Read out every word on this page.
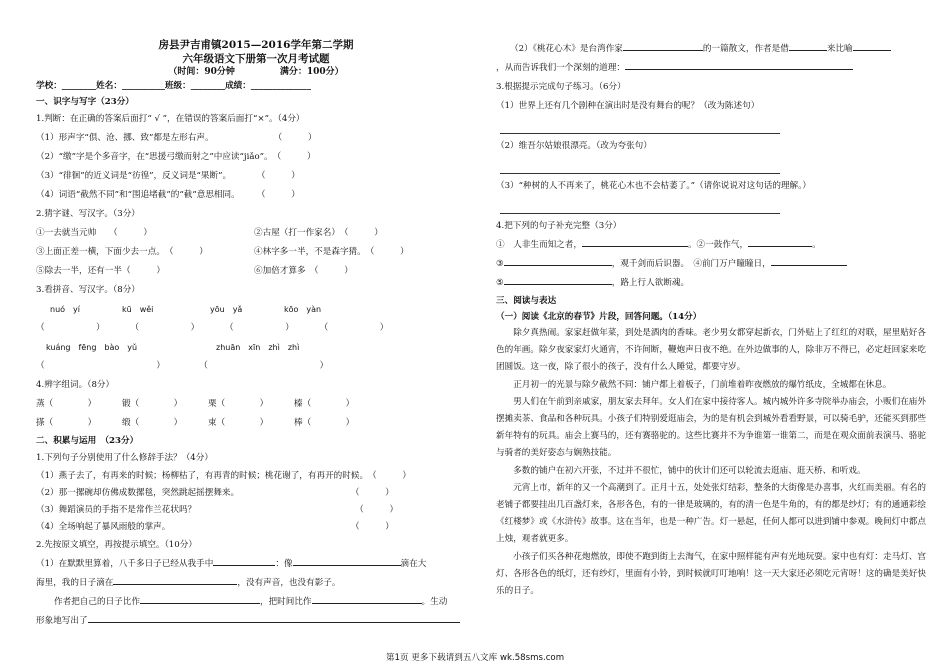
房县尹吉甫镇2015—2016学年第二学期
六年级语文下册第一次月考试题
（时间：90分钟　　　　　满分：100分）
学校：________姓名：__________班级：________成绩：______________
一、识字与写字（23分）
1.判断：在正确的答案后面打“ √ ”，在错误的答案后面打“×”。（4分）
（1）形声字“倶、沧、挪、致”都是左形右声。　　　　　　　　（　　　）
（2）“缴”字是个多音字，在“思援弓缴而射之”中应读“jiǎo”。　（　　　）
（3）“徘徊”的近义词是“彷徨”，反义词是“果断”。　　　　（　　　）
（4）词语“截然不同”和“围追堵截”的“截”意思相同。　　　（　　　）
2.猜字谜、写汉字。（3分）
①一去就当元帅　　（　　　）	②古屋（打一作家名）　（　　　）
③上面正差一横，下面少去一点。　（　　　）	④林字多一半，不是森字猜。　（　　　）
⑤除去一半，还有一半（　　　）	⑥加倍才算多　（　　　）
3.看拼音、写汉字。（8分）
nuó　yí	kū　wěi	yōu　yǎ	kōo　yàn
（　　　　　　）　　　　（　　　　　　）　　　　（　　　　　　）　　　　（　　　　　　）
kuáng　fēng　bào　yǔ	zhuān　xīn　zhì　zhì
（　　　　　　　　　　　　　）　　　　　（　　　　　　　　　　　　　）
4.辨字组词。（8分）
蒸（　　　　）	锻（　　　　）	栗（　　　　）	榛（　　　　）
搽（　　　　）	缎（　　　　）	束（　　　　）	棒（　　　　）
二、积累与运用　（23分）
1.下列句子分别使用了什么修辞手法？（4分）
（1）燕子去了，有再来的时候；杨柳枯了，有再青的时候；桃花谢了，有再开的时候。　（　　　）
（2）那一摞碗却仿佛成数摞毯，突然跳起摇摆舞来。　　　　　　　　　　　　　　（　　　）
（3）舞蹈演员的手指不是常作兰花状吗？　　　　　　　　　　　　　　　　　　　（　　　）
（4）全场响起了暴风雨般的掌声。　　　　　　　　　　　　　　　　　　　　　　（　　　）
2.先按原文填空，再按提示填空。（10分）
（1）在默默里算着，八千多日子已经从我手中	：像	滴在大
海里，我的日子滴在	，没有声音，也没有影子。
作者把自己的日子比作	，把时间比作	。生动
形象地写出了
（2）《桃花心木》是台湾作家	的一篇散文，作者是借	来比喻
，从而告诉我们一个深刻的道理：
3.根据提示完成句子练习。（6分）
（1）世界上还有几个剧种在演出时是没有舞台的呢？（改为陈述句）
（2）维吾尔姑娘很漂亮。（改为夸张句）
（3）“种树的人不再来了，桃花心木也不会枯萎了。”（请你说说对这句话的理解。）
4.把下列的句子补充完整（3分）
①　人非生而知之者，	。②一鼓作气，	。
③	，观千剑而后识器。　④前门万户瞳瞳日，
⑤	，路上行人欲断魂。
三、阅读与表达
（一）阅读《北京的春节》片段，回答问题。（14分）

除夕真热闹。家家赶做年菜，到处是酒肉的香味。老少男女都穿起新衣，门外贴上了红红的对联，屋里贴好各色的年画。除夕夜家家灯火通宵，不许间断，鞭炮声日夜不绝。在外边做事的人，除非万不得已，必定赶回家来吃团圆饭。这一夜，除了很小的孩子，没有什么人睡觉，都要守岁。

正月初一的光景与除夕截然不同：铺户都上着板子，门前堆着昨夜燃放的爆竹纸皮，全城都在休息。

男人们在午前到亲戚家，朋友家去拜年。女人们在家中接待客人。城内城外许多寺院举办庙会，小贩们在庙外摆摊卖茶、食品和各种玩具。小孩子们特别爱逛庙会，为的是有机会到城外看看野景，可以骑毛驴，还能买到那些新年特有的玩具。庙会上赛马的，还有赛骆驼的。这些比赛并不为争谁第一谁第二，而是在观众面前表演马、骆驼与骑者的美好姿态与娴熟技能。

多数的铺户在初六开张，不过并不很忙，铺中的伙计们还可以轮流去逛庙、逛天桥、和听戏。

元宵上市，新年的又一个高潮到了。正月十五，处处张灯结彩，整条的大街像是办喜事，火红而美丽。有名的老铺子都要挂出几百盏灯来，各形各色，有的一律是玻璃的，有的清一色是牛角的，有的都是纱灯；有的通通彩绘《红楼梦》或《水浒传》故事。这在当年，也是一种广告。灯一悬起，任何人都可以进到铺中参观。晚间灯中都点上烛，观者就更多。

小孩子们买各种花炮燃放，即使不跑到街上去淘气，在家中照样能有声有光地玩耍。家中也有灯：走马灯、宫灯、各形各色的纸灯，还有纱灯，里面有小铃，到时候就叮叮地响！这一天大家还必须吃元宵呀！这的确是美好快乐的日子。

第1页 更多下载请到五八文库 wk.58sms.com
